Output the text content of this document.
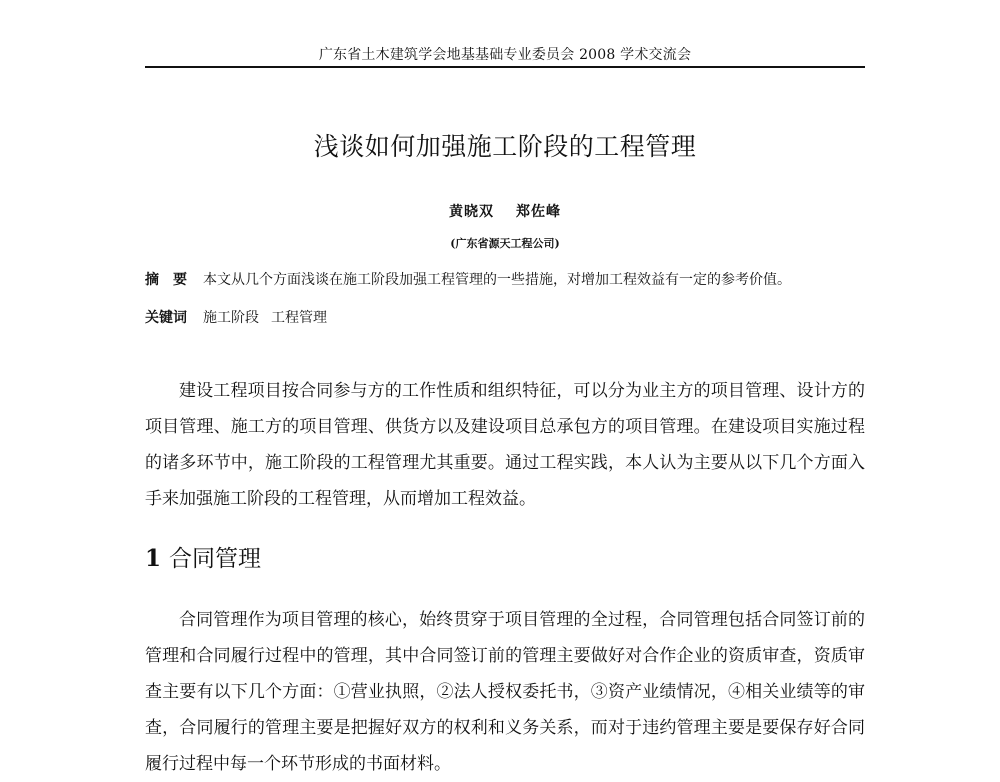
广东省土木建筑学会地基基础专业委员会 2008 学术交流会
浅谈如何加强施工阶段的工程管理
黄晓双 郑佐峰
(广东省源天工程公司)
摘　要 本文从几个方面浅谈在施工阶段加强工程管理的一些措施，对增加工程效益有一定的参考价值。
关键词 施工阶段 工程管理

建设工程项目按合同参与方的工作性质和组织特征，可以分为业主方的项目管理、设计方的项目管理、施工方的项目管理、供货方以及建设项目总承包方的项目管理。在建设项目实施过程的诸多环节中，施工阶段的工程管理尤其重要。通过工程实践，本人认为主要从以下几个方面入手来加强施工阶段的工程管理，从而增加工程效益。

1 合同管理

合同管理作为项目管理的核心，始终贯穿于项目管理的全过程，合同管理包括合同签订前的管理和合同履行过程中的管理，其中合同签订前的管理主要做好对合作企业的资质审查，资质审查主要有以下几个方面：①营业执照，②法人授权委托书，③资产业绩情况，④相关业绩等的审查，合同履行的管理主要是把握好双方的权利和义务关系，而对于违约管理主要是要保存好合同履行过程中每一个环节形成的书面材料。
